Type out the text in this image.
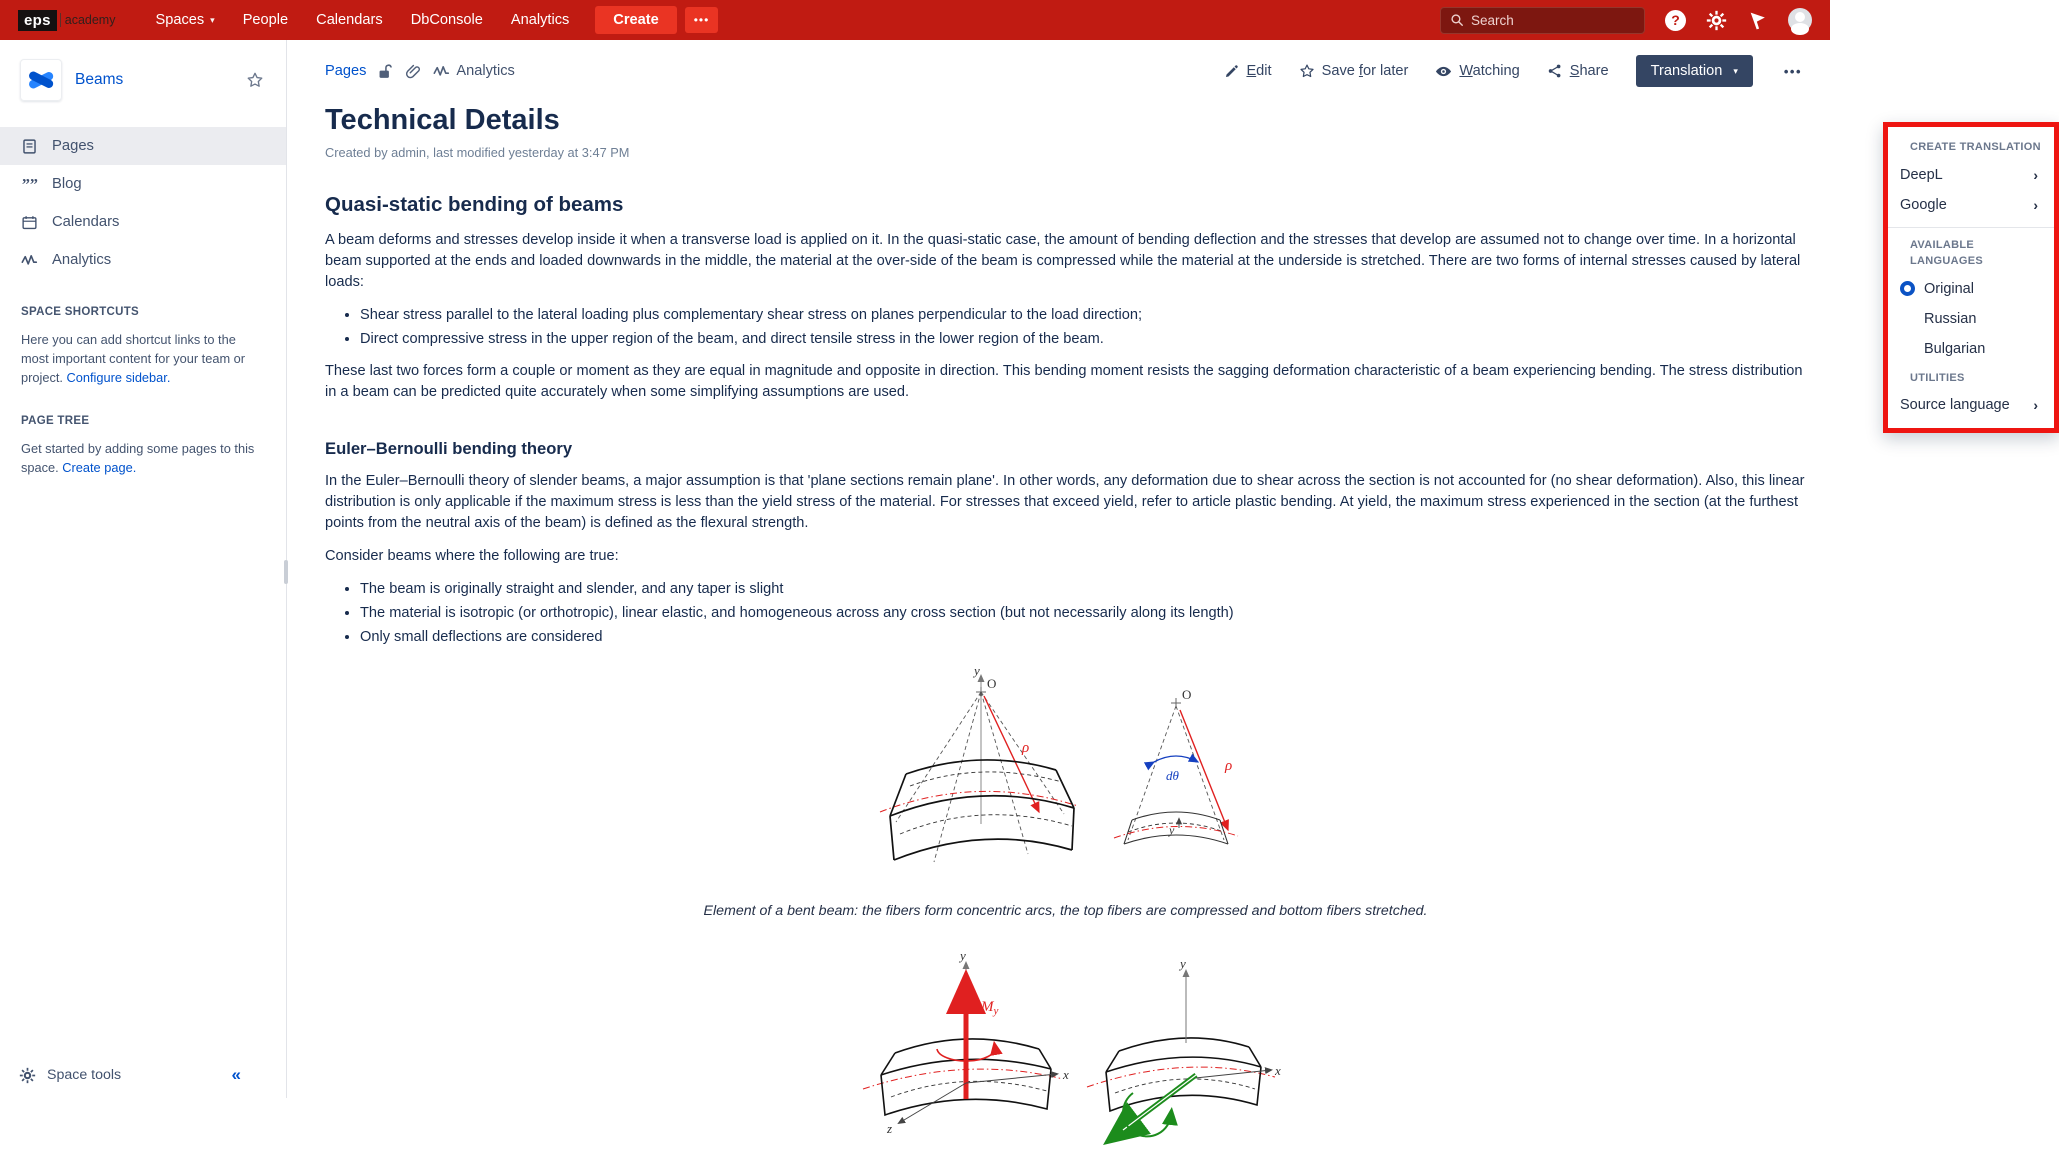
eps	academy	Spaces ▾	People	Calendars	DbConsole	Analytics	Create	•••
Search	?
Beams
Pages
”” Blog
Calendars
Analytics
SPACE SHORTCUTS
Here you can add shortcut links to the most important content for your team or project. Configure sidebar.
PAGE TREE
Get started by adding some pages to this space. Create page.
Space tools	«
Pages	Analytics	Edit	Save for later	Watching	Share	Translation ▾	•••
Technical Details
Created by admin, last modified yesterday at 3:47 PM
Quasi-static bending of beams

A beam deforms and stresses develop inside it when a transverse load is applied on it. In the quasi-static case, the amount of bending deflection and the stresses that develop are assumed not to change over time. In a horizontal beam supported at the ends and loaded downwards in the middle, the material at the over-side of the beam is compressed while the material at the underside is stretched. There are two forms of internal stresses caused by lateral loads:

• Shear stress parallel to the lateral loading plus complementary shear stress on planes perpendicular to the load direction;
• Direct compressive stress in the upper region of the beam, and direct tensile stress in the lower region of the beam.

These last two forces form a couple or moment as they are equal in magnitude and opposite in direction. This bending moment resists the sagging deformation characteristic of a beam experiencing bending. The stress distribution in a beam can be predicted quite accurately when some simplifying assumptions are used.

Euler–Bernoulli bending theory

In the Euler–Bernoulli theory of slender beams, a major assumption is that 'plane sections remain plane'. In other words, any deformation due to shear across the section is not accounted for (no shear deformation). Also, this linear distribution is only applicable if the maximum stress is less than the yield stress of the material. For stresses that exceed yield, refer to article plastic bending. At yield, the maximum stress experienced in the section (at the furthest points from the neutral axis of the beam) is defined as the flexural strength.

Consider beams where the following are true:

• The beam is originally straight and slender, and any taper is slight
• The material is isotropic (or orthotropic), linear elastic, and homogeneous across any cross section (but not necessarily along its length)
• Only small deflections are considered
y
O
ρ
O
dθ
ρ
y
Element of a bent beam: the fibers form concentric arcs, the top fibers are compressed and bottom fibers stretched.
y
$M_y$
x
z
y
x
CREATE TRANSLATION
DeepL	›
Google	›
AVAILABLE LANGUAGES
Original
Russian
Bulgarian
UTILITIES
Source language ›
